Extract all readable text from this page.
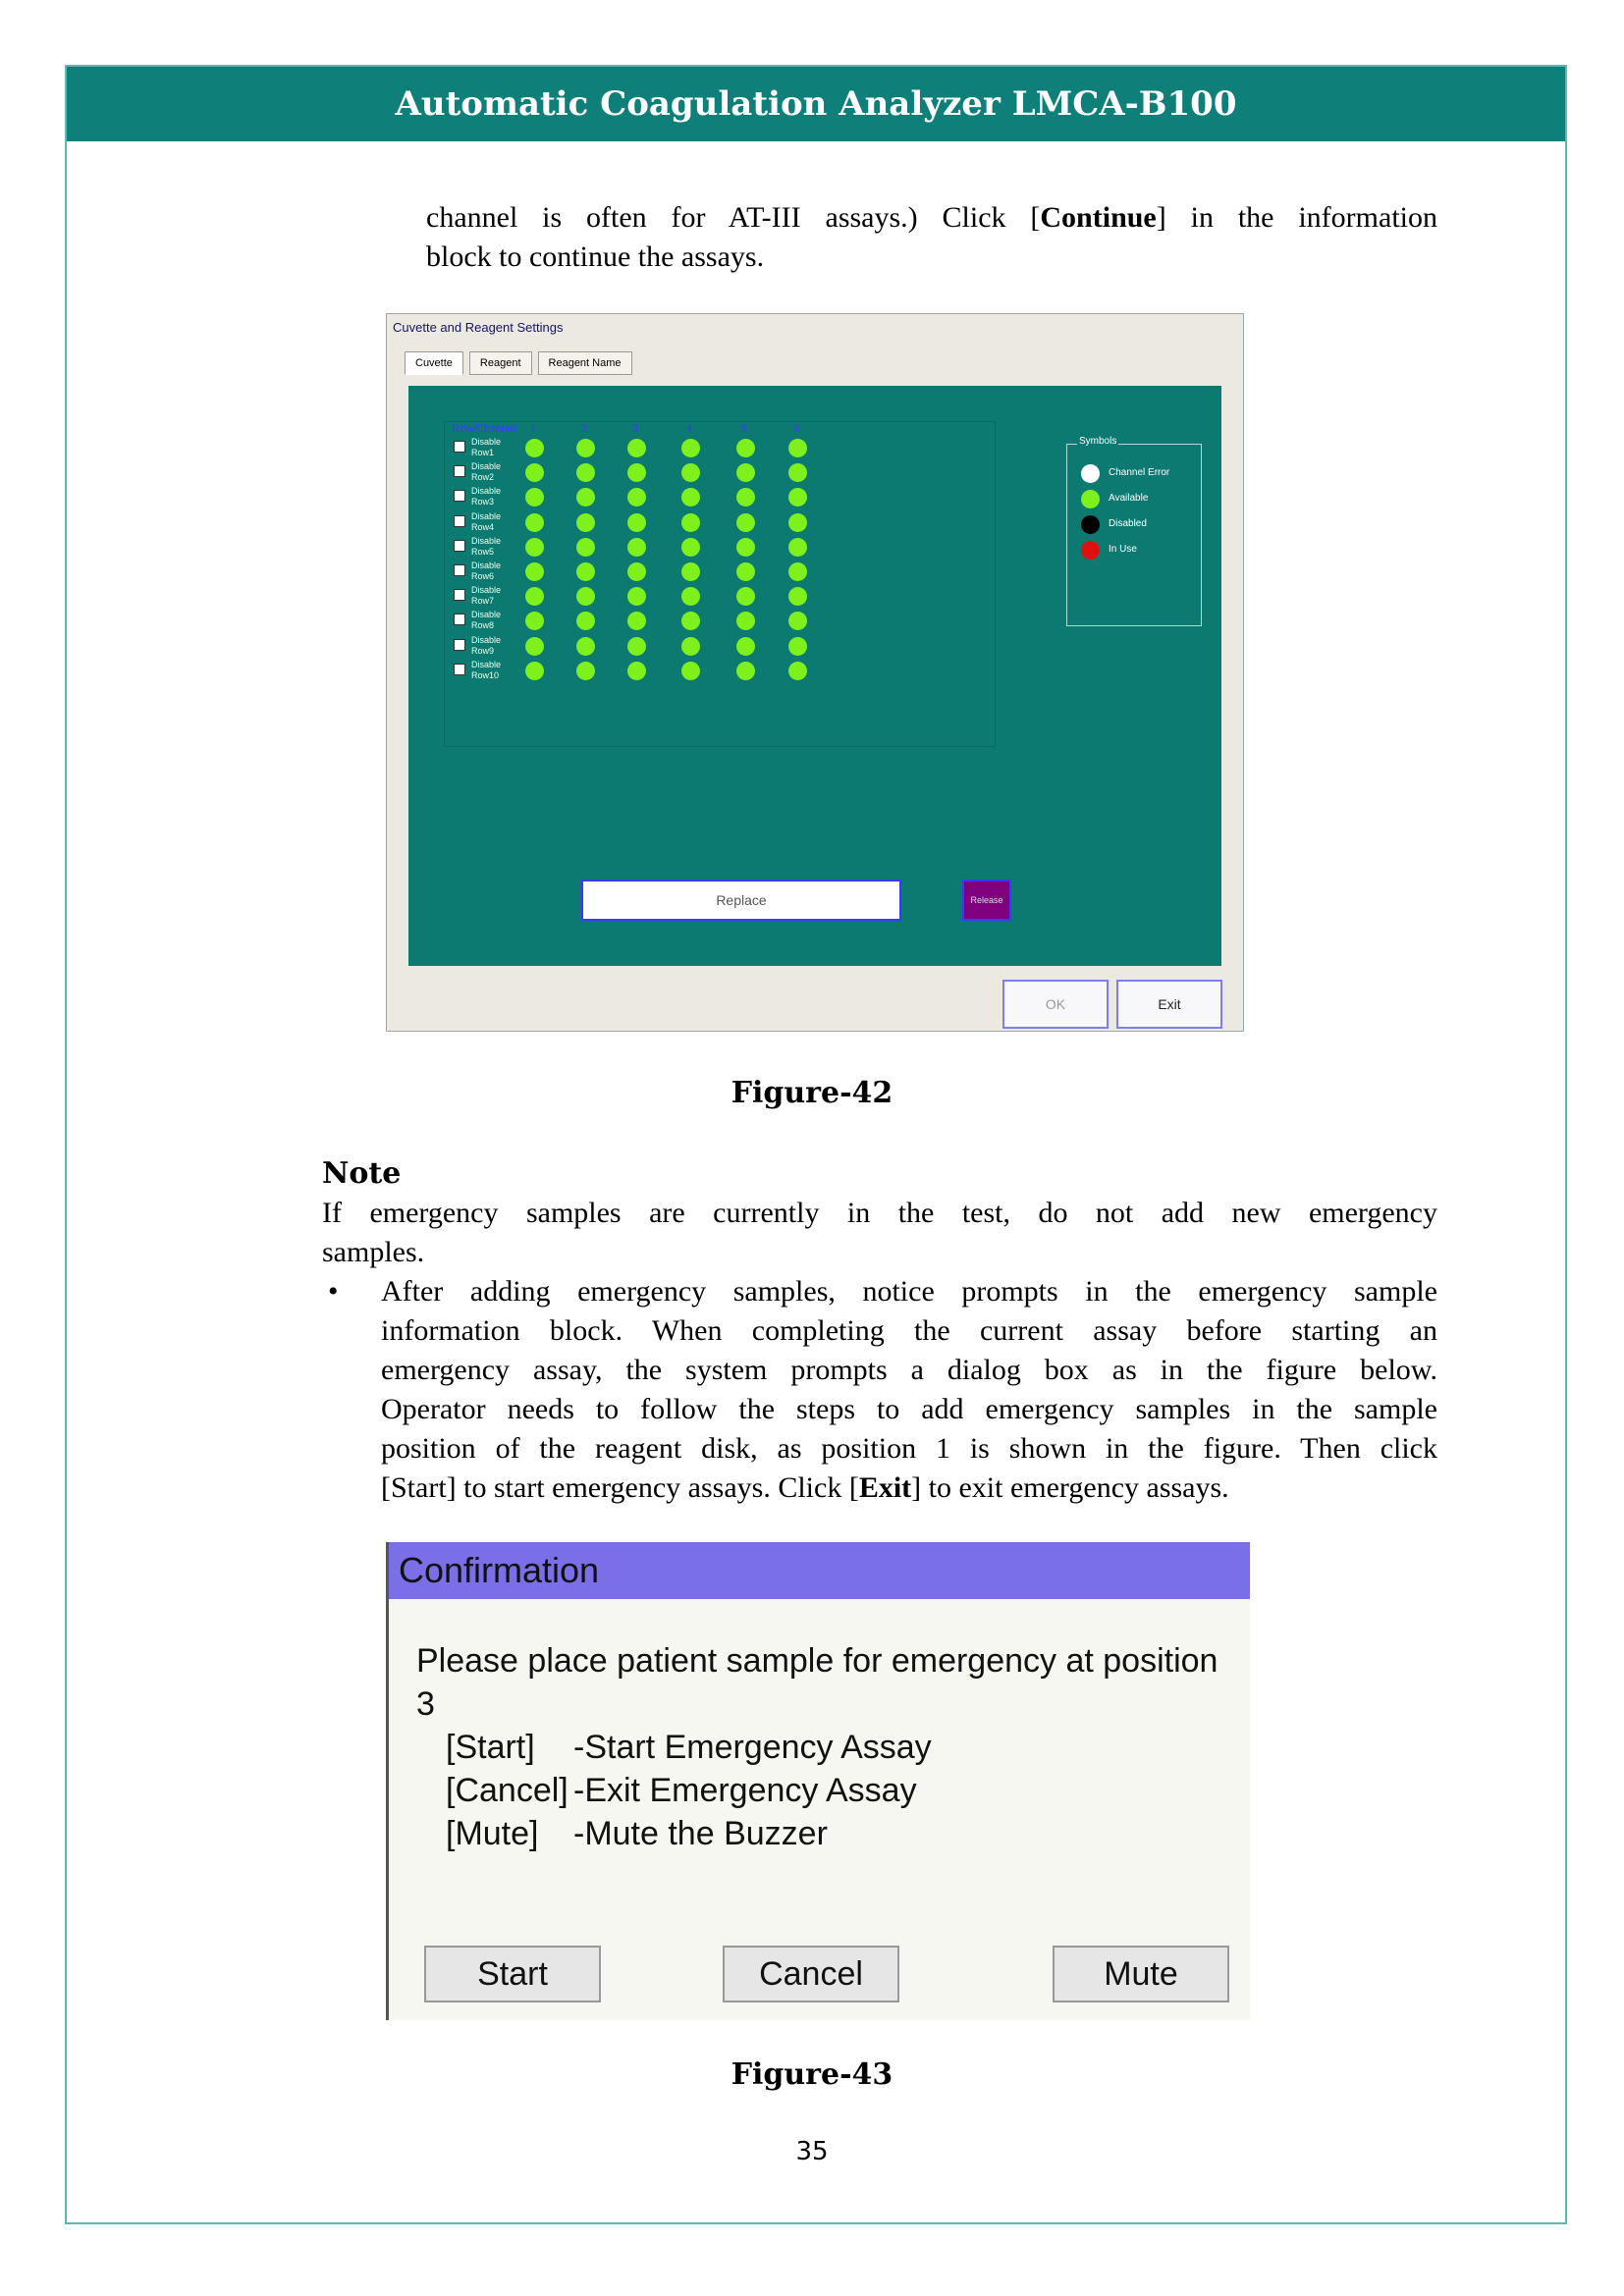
Automatic Coagulation Analyzer LMCA-B100
channel is often for AT-III assays.) Click [Continue] in the information
block to continue the assays.
Cuvette and Reagent Settings
Cuvette	Reagent	Reagent Name
Row/Channel 1	2	3	4	5	6
Disable
Row1
Disable
Row2
Disable
Row3
Disable
Row4
Disable
Row5
Disable
Row6
Disable
Row7
Disable
Row8
Disable
Row9
Disable
Row10
Symbols
Channel Error
Available
Disabled
In Use
Replace	Release
OK	Exit
Figure-42
Note
If emergency samples are currently in the test, do not add new emergency
samples.
• After adding emergency samples, notice prompts in the emergency sample
information block. When completing the current assay before starting an
emergency assay, the system prompts a dialog box as in the figure below.
Operator needs to follow the steps to add emergency samples in the sample
position of the reagent disk, as position 1 is shown in the figure. Then click
[Start] to start emergency assays. Click [Exit] to exit emergency assays.
Confirmation
Please place patient sample for emergency at position
3
[Start] -Start Emergency Assay
[Cancel] -Exit Emergency Assay
[Mute] -Mute the Buzzer
Start	Cancel	Mute
Figure-43
35
